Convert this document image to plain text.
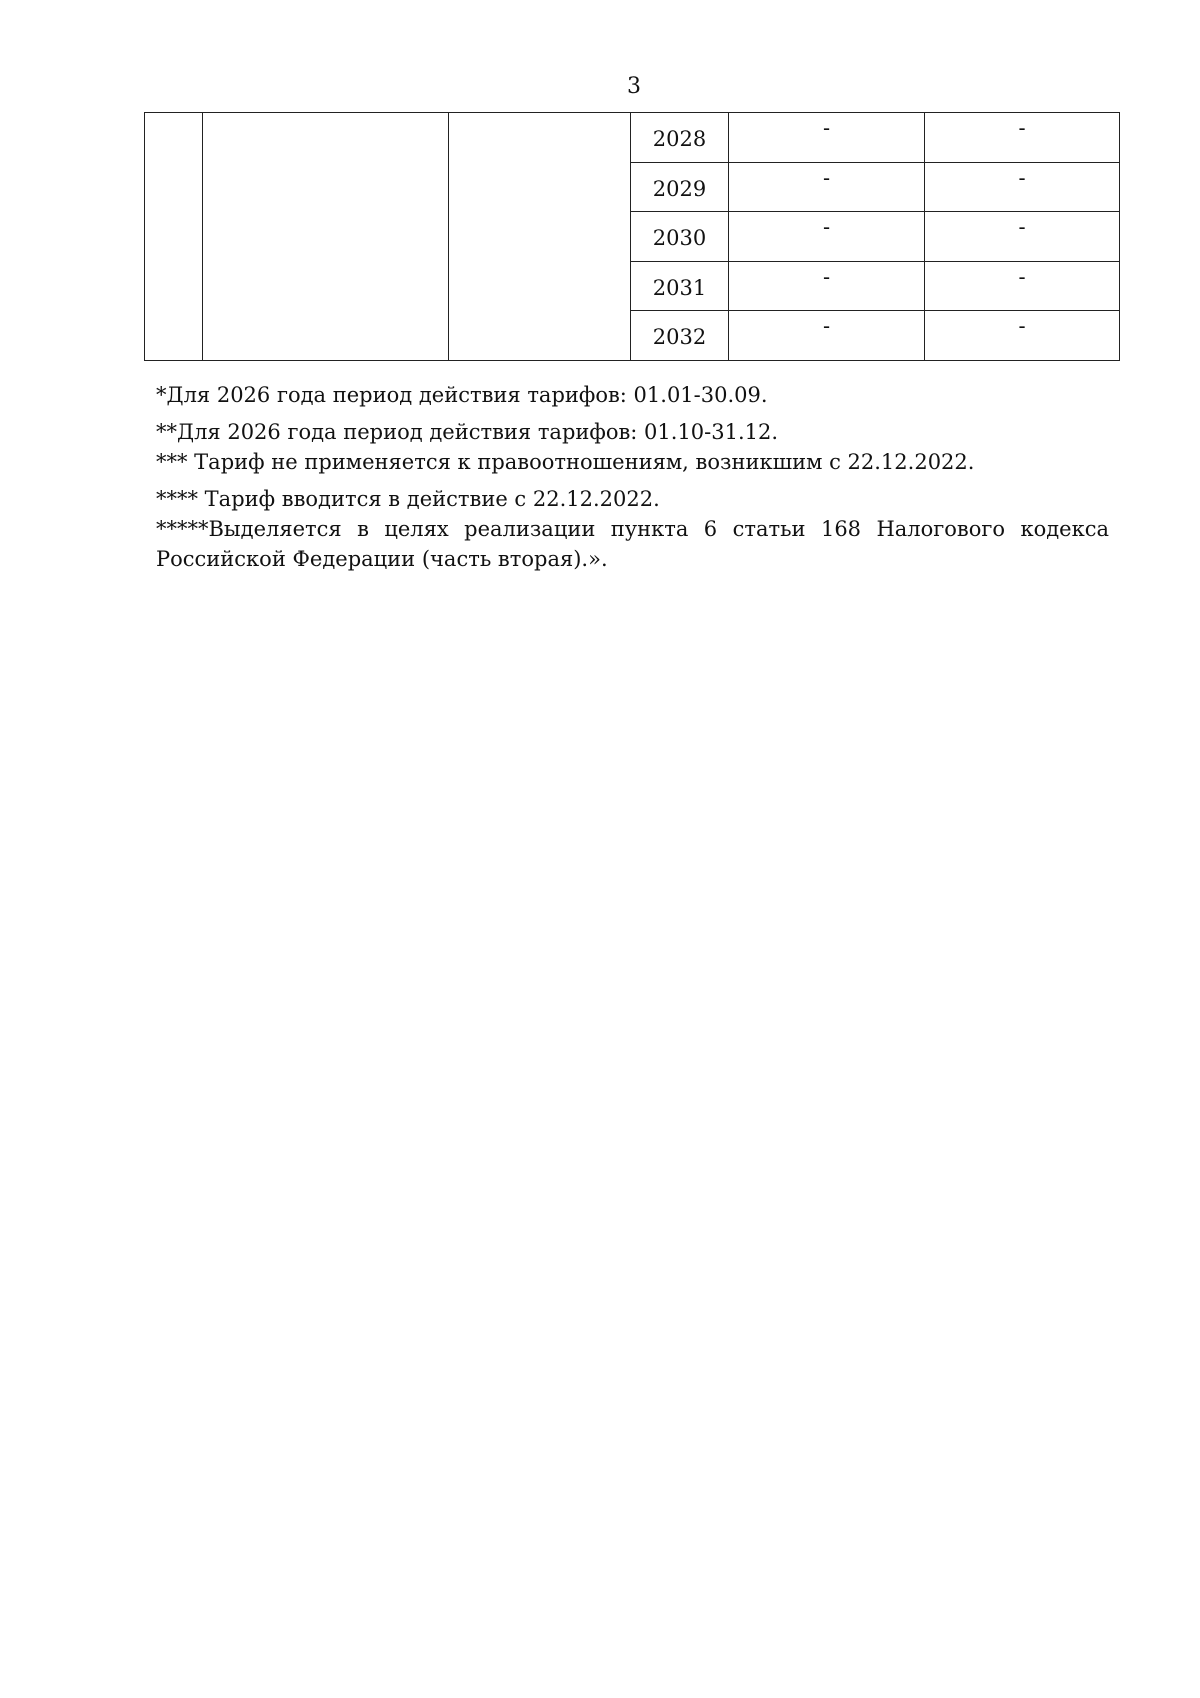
3
			2028	-	-
			2029	-	-
			2030	-	-
			2031	-	-
			2032	-	-

*Для 2026 года период действия тарифов: 01.01-30.09.

**Для 2026 года период действия тарифов: 01.10-31.12.

*** Тариф не применяется к правоотношениям, возникшим с 22.12.2022.

**** Тариф вводится в действие с 22.12.2022.

*****Выделяется в целях реализации пункта 6 статьи 168 Налогового кодекса Российской Федерации (часть вторая).».
